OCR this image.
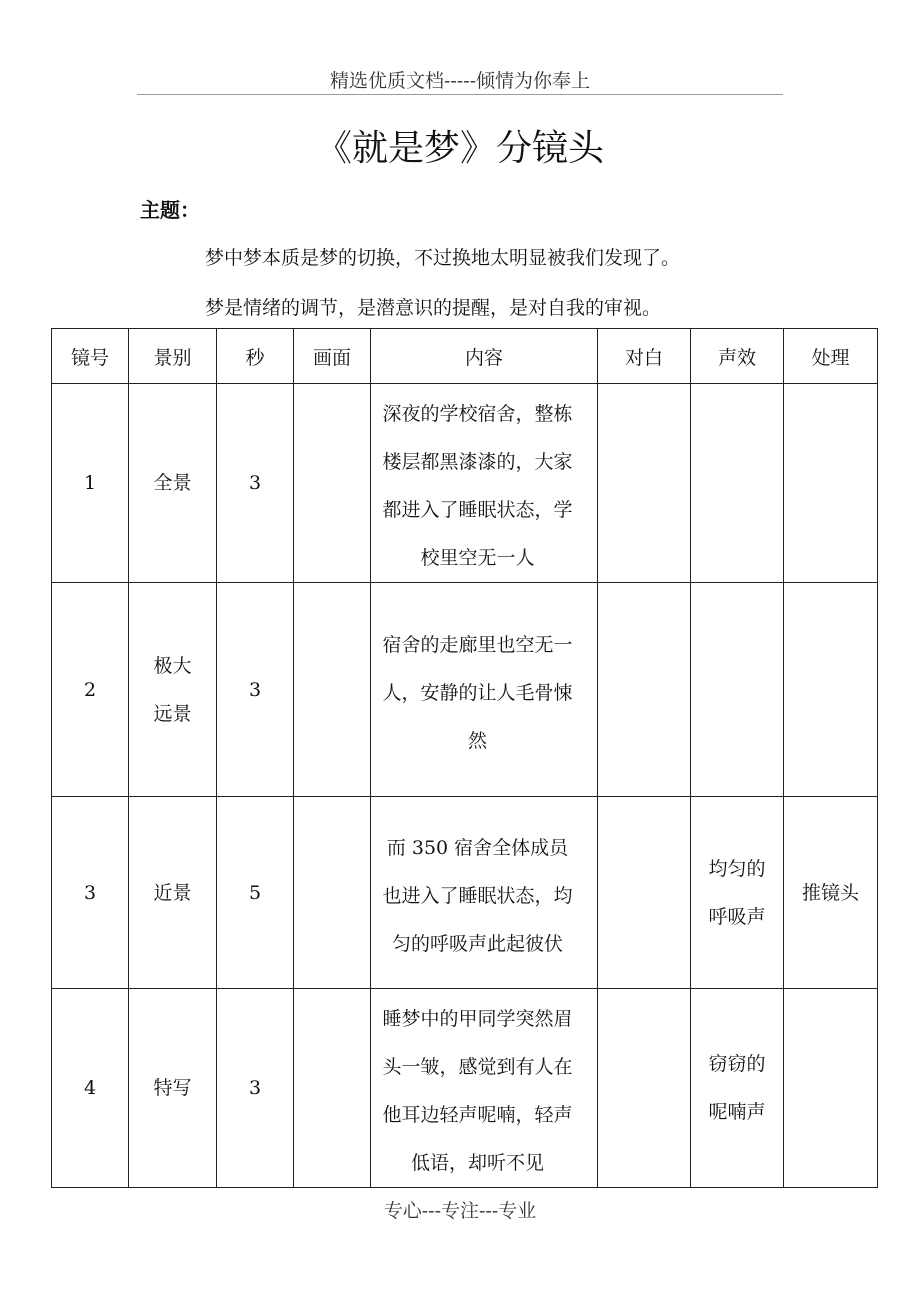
精选优质文档-----倾情为你奉上
《就是梦》分镜头
主题：
梦中梦本质是梦的切换，不过换地太明显被我们发现了。
梦是情绪的调节，是潜意识的提醒，是对自我的审视。
镜号	景别	秒	画面	内容	对白	声效	处理
1	全景	3		深夜的学校宿舍，整栋楼层都黑漆漆的，大家都进入了睡眠状态，学校里空无一人			

2	极大远景	3		宿舍的走廊里也空无一人，安静的让人毛骨悚然			

3	近景	5		而 350 宿舍全体成员也进入了睡眠状态，均匀的呼吸声此起彼伏		均匀的呼吸声	推镜头
4	特写	3		睡梦中的甲同学突然眉头一皱，感觉到有人在他耳边轻声呢喃，轻声低语，却听不见		窃窃的呢喃声	
专心---专注---专业
